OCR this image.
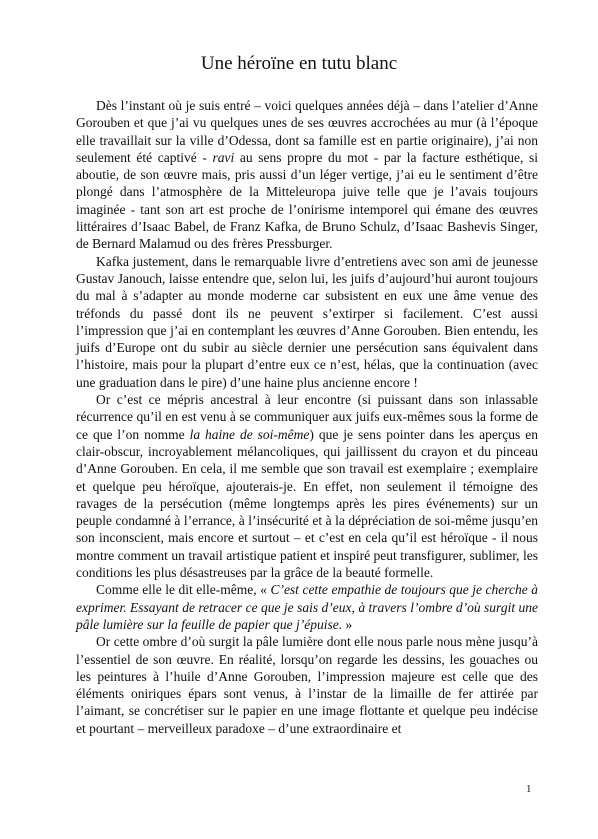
Une héroïne en tutu blanc

Dès l’instant où je suis entré – voici quelques années déjà – dans l’atelier d’Anne Gorouben et que j’ai vu quelques unes de ses œuvres accrochées au mur (à l’époque elle travaillait sur la ville d’Odessa, dont sa famille est en partie originaire), j’ai non seulement été captivé - ravi au sens propre du mot - par la facture esthétique, si aboutie, de son œuvre mais, pris aussi d’un léger vertige, j’ai eu le sentiment d’être plongé dans l’atmosphère de la Mitteleuropa juive telle que je l’avais toujours imaginée - tant son art est proche de l’onirisme intemporel qui émane des œuvres littéraires d’Isaac Babel, de Franz Kafka, de Bruno Schulz, d’Isaac Bashevis Singer, de Bernard Malamud ou des frères Pressburger.

Kafka justement, dans le remarquable livre d’entretiens avec son ami de jeunesse Gustav Janouch, laisse entendre que, selon lui, les juifs d’aujourd’hui auront toujours du mal à s’adapter au monde moderne car subsistent en eux une âme venue des tréfonds du passé dont ils ne peuvent s’extirper si facilement. C’est aussi l’impression que j’ai en contemplant les œuvres d’Anne Gorouben. Bien entendu, les juifs d’Europe ont du subir au siècle dernier une persécution sans équivalent dans l’histoire, mais pour la plupart d’entre eux ce n’est, hélas, que la continuation (avec une graduation dans le pire) d’une haine plus ancienne encore !

Or c’est ce mépris ancestral à leur encontre (si puissant dans son inlassable récurrence qu’il en est venu à se communiquer aux juifs eux-mêmes sous la forme de ce que l’on nomme la haine de soi-même) que je sens pointer dans les aperçus en clair-obscur, incroyablement mélancoliques, qui jaillissent du crayon et du pinceau d’Anne Gorouben. En cela, il me semble que son travail est exemplaire ; exemplaire et quelque peu héroïque, ajouterais-je. En effet, non seulement il témoigne des ravages de la persécution (même longtemps après les pires événements) sur un peuple condamné à l’errance, à l’insécurité et à la dépréciation de soi-même jusqu’en son inconscient, mais encore et surtout – et c’est en cela qu’il est héroïque - il nous montre comment un travail artistique patient et inspiré peut transfigurer, sublimer, les conditions les plus désastreuses par la grâce de la beauté formelle.

Comme elle le dit elle-même, « C’est cette empathie de toujours que je cherche à exprimer. Essayant de retracer ce que je sais d’eux, à travers l’ombre d’où surgit une pâle lumière sur la feuille de papier que j’épuise. »

Or cette ombre d’où surgit la pâle lumière dont elle nous parle nous mène jusqu’à l’essentiel de son œuvre. En réalité, lorsqu’on regarde les dessins, les gouaches ou les peintures à l’huile d’Anne Gorouben, l’impression majeure est celle que des éléments oniriques épars sont venus, à l’instar de la limaille de fer attirée par l’aimant, se concrétiser sur le papier en une image flottante et quelque peu indécise et pourtant – merveilleux paradoxe – d’une extraordinaire et

1
